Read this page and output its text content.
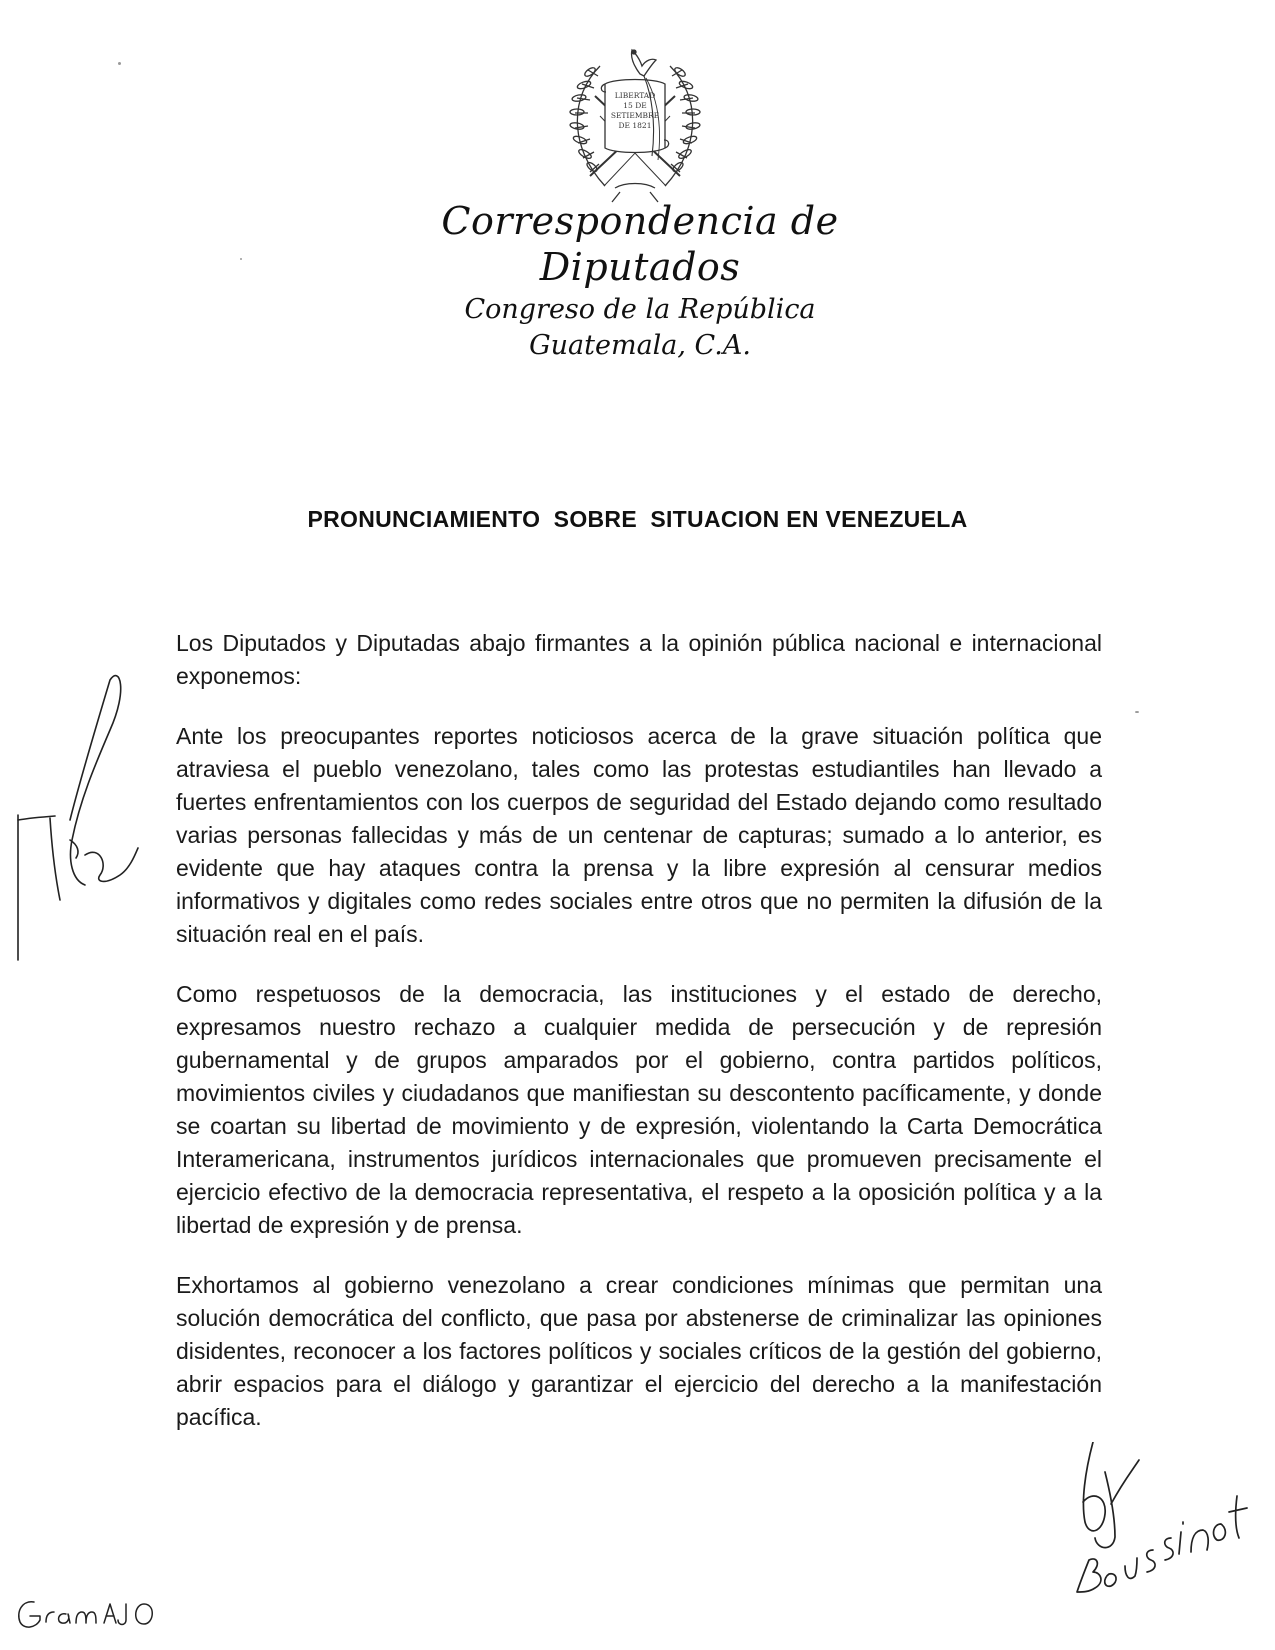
LIBERTAD
15 DE
SETIEMBRE
DE 1821
Correspondencia de Diputados
Congreso de la República
Guatemala, C.A.
PRONUNCIAMIENTO  SOBRE  SITUACION EN VENEZUELA

Los Diputados y Diputadas abajo firmantes a la opinión pública nacional e internacional exponemos:

Ante los preocupantes reportes noticiosos acerca de la grave situación política que atraviesa el pueblo venezolano, tales como las protestas estudiantiles han llevado a fuertes enfrentamientos con los cuerpos de seguridad del Estado dejando como resultado varias personas fallecidas y más de un centenar de capturas; sumado a lo anterior, es evidente que hay ataques contra la prensa y la libre expresión al censurar medios informativos y digitales como redes sociales entre otros que no permiten la difusión de la situación real en el país.

Como respetuosos de la democracia, las instituciones y el estado de derecho, expresamos nuestro rechazo a cualquier medida de persecución y de represión gubernamental y de grupos amparados por el gobierno, contra partidos políticos, movimientos civiles y ciudadanos que manifiestan su descontento pacíficamente, y donde se coartan su libertad de movimiento y de expresión, violentando la Carta Democrática Interamericana, instrumentos jurídicos internacionales que promueven precisamente el ejercicio efectivo de la democracia representativa, el respeto a la oposición política y a la libertad de expresión y de prensa.

Exhortamos al gobierno venezolano a crear condiciones mínimas que permitan una solución democrática del conflicto, que pasa por abstenerse de criminalizar las opiniones disidentes, reconocer a los factores políticos y sociales críticos de la gestión del gobierno, abrir espacios para el diálogo y garantizar el ejercicio del derecho a la manifestación pacífica.
